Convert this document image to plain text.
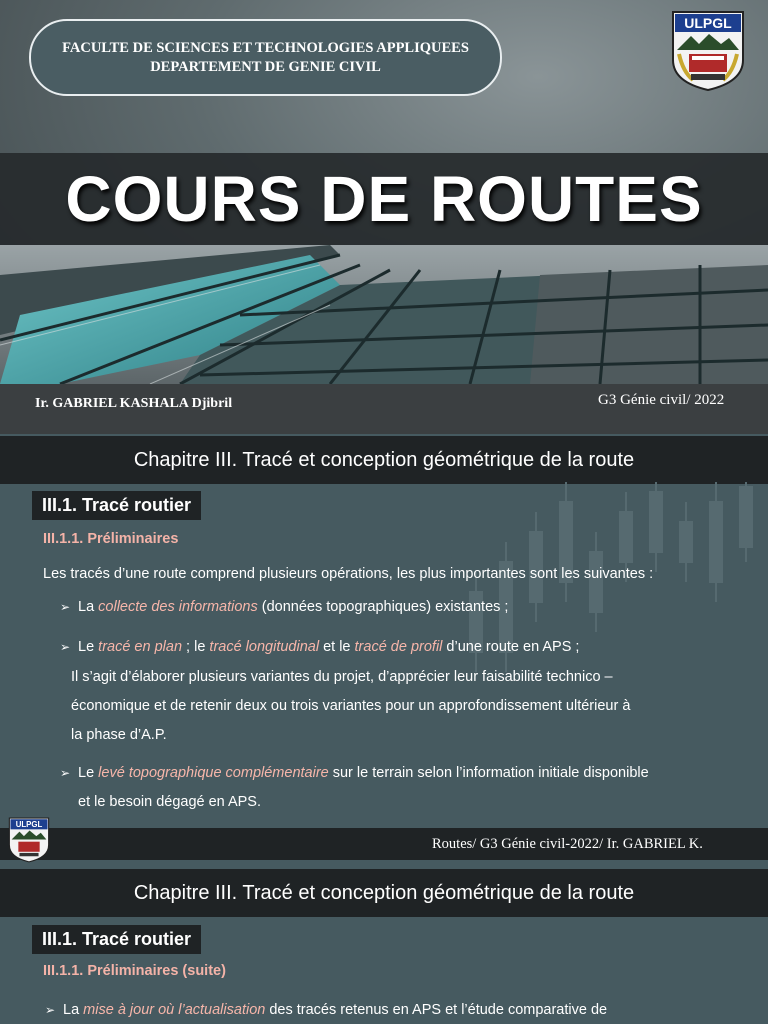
FACULTE DE SCIENCES ET TECHNOLOGIES APPLIQUEES
DEPARTEMENT DE GENIE CIVIL
ULPGL
COURS DE ROUTES
Ir. GABRIEL KASHALA Djibril	G3 Génie civil/ 2022
Chapitre III. Tracé et conception géométrique de la route
III.1. Tracé routier
III.1.1. Préliminaires
Les tracés d’une route comprend plusieurs opérations, les plus importantes sont les suivantes :
➢ La collecte des informations (données topographiques) existantes ;
➢ Le tracé en plan ; le tracé longitudinal et le tracé de profil d’une route en APS ;
Il s’agit d’élaborer plusieurs variantes du projet, d’apprécier leur faisabilité technico –
économique et de retenir deux ou trois variantes pour un approfondissement ultérieur à
la phase d’A.P.
➢ Le levé topographique complémentaire sur le terrain selon l’information initiale disponible
et le besoin dégagé en APS.
ULPGL
Routes/ G3 Génie civil-2022/ Ir. GABRIEL K.
Chapitre III. Tracé et conception géométrique de la route
III.1. Tracé routier
III.1.1. Préliminaires (suite)
➢ La mise à jour où l’actualisation des tracés retenus en APS et l’étude comparative de
